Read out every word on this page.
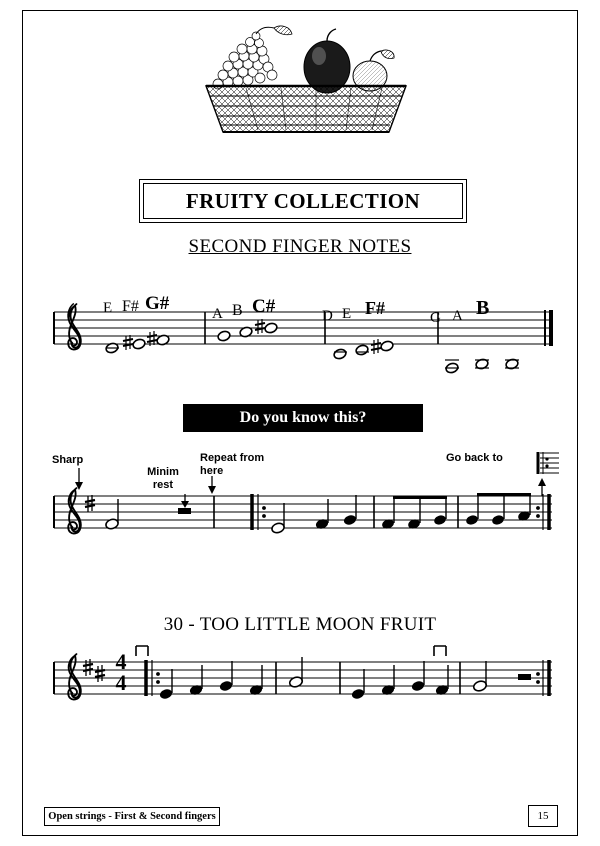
FRUITY COLLECTION
SECOND FINGER NOTES
E F# G#	A B C#	D E F#	G A B
Do you know this?
Sharp
Minim
rest
Repeat from
here
Go back to
30 - TOO LITTLE MOON FRUIT
4
4
Open strings - First & Second fingers	15
